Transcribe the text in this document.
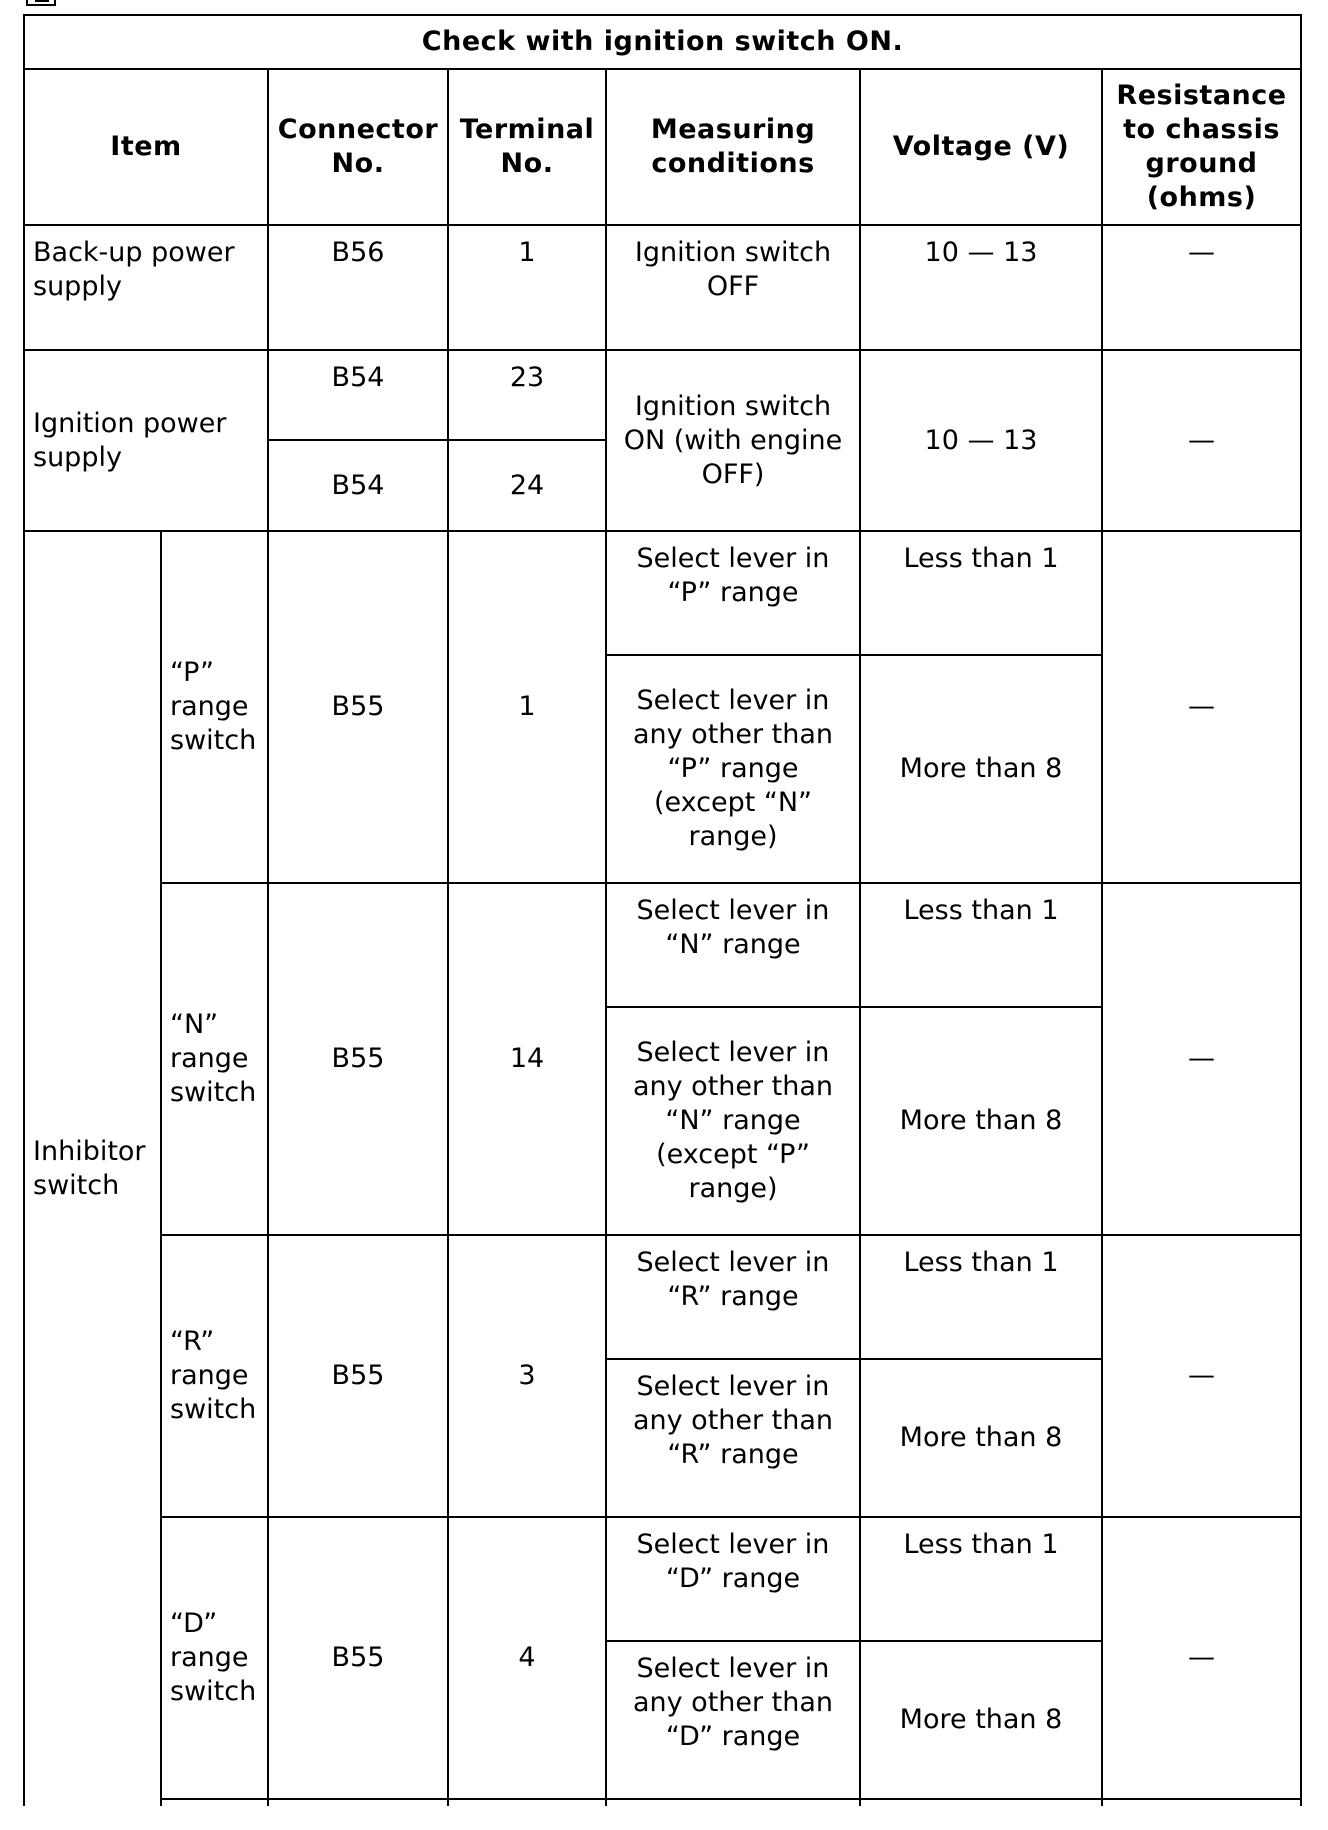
Check with ignition switch ON.						
Item		Connector No.	Terminal No.	Measuring conditions	Voltage (V)	Resistance to chassis ground (ohms)
Back-up power supply		B56	1	Ignition switch OFF	10 — 13	—
Ignition power supply		B54	23	Ignition switch ON (with engine OFF)	10 — 13	—
		B54	24			
Inhibitor switch	“P” range switch	B55	1	Select lever in “P” range	Less than 1	—
				Select lever in any other than “P” range (except “N” range)	More than 8	
	“N” range switch	B55	14	Select lever in “N” range	Less than 1	—
				Select lever in any other than “N” range (except “P” range)	More than 8	
	“R” range switch	B55	3	Select lever in “R” range	Less than 1	—
				Select lever in any other than “R” range	More than 8	
	“D” range switch	B55	4	Select lever in “D” range	Less than 1	—
				Select lever in any other than “D” range	More than 8	
